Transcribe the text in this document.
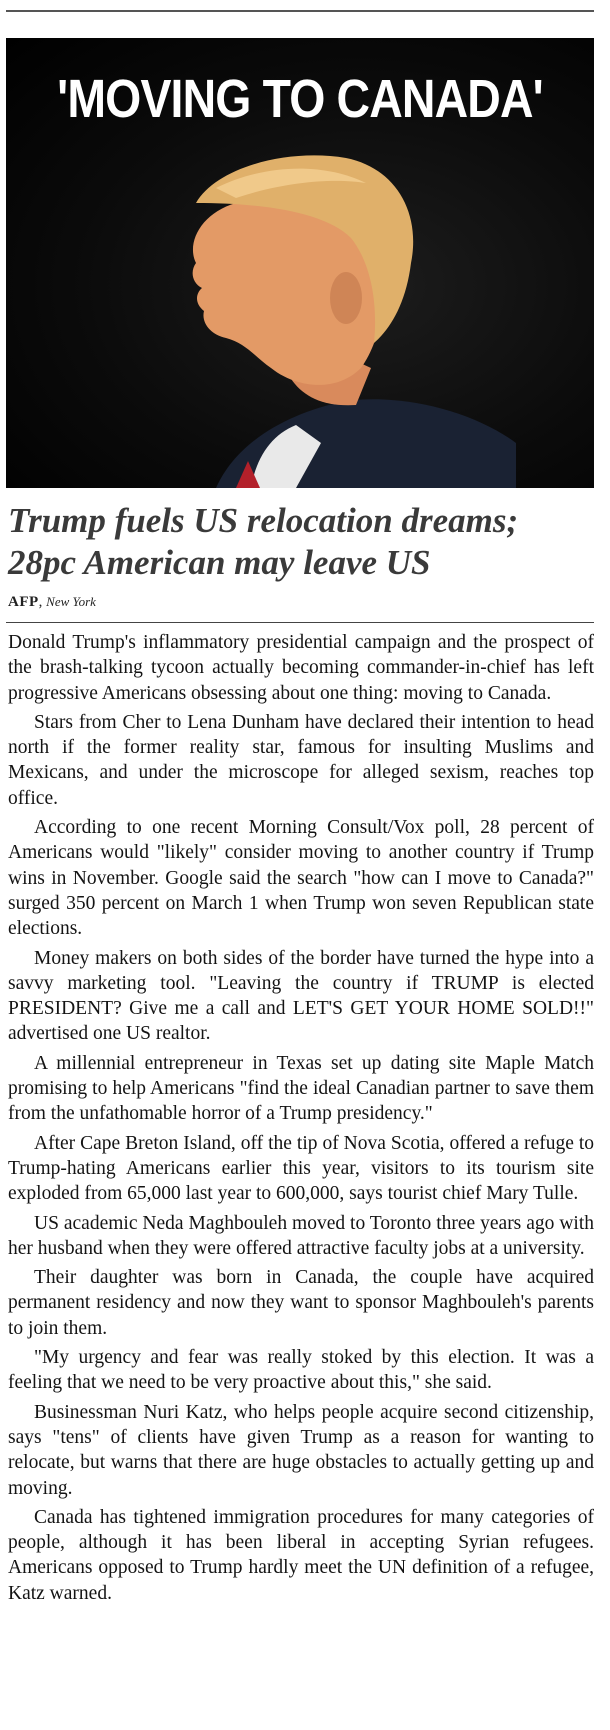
'MOVING TO CANADA'
Trump fuels US relocation dreams; 28pc American may leave US
AFP, New York

Donald Trump's inflammatory presidential campaign and the prospect of the brash-talking tycoon actually becoming commander-in-chief has left progressive Americans obsessing about one thing: moving to Canada.

Stars from Cher to Lena Dunham have declared their intention to head north if the former reality star, famous for insulting Muslims and Mexicans, and under the microscope for alleged sexism, reaches top office.

According to one recent Morning Consult/Vox poll, 28 percent of Americans would "likely" consider moving to another country if Trump wins in November. Google said the search "how can I move to Canada?" surged 350 percent on March 1 when Trump won seven Republican state elections.

Money makers on both sides of the border have turned the hype into a savvy marketing tool. "Leaving the country if TRUMP is elected PRESIDENT? Give me a call and LET'S GET YOUR HOME SOLD!!" advertised one US realtor.

A millennial entrepreneur in Texas set up dating site Maple Match promising to help Americans "find the ideal Canadian partner to save them from the unfathomable horror of a Trump presidency."

After Cape Breton Island, off the tip of Nova Scotia, offered a refuge to Trump-hating Americans earlier this year, visitors to its tourism site exploded from 65,000 last year to 600,000, says tourist chief Mary Tulle.

US academic Neda Maghbouleh moved to Toronto three years ago with her husband when they were offered attractive faculty jobs at a university.

Their daughter was born in Canada, the couple have acquired permanent residency and now they want to sponsor Maghbouleh's parents to join them.

"My urgency and fear was really stoked by this election. It was a feeling that we need to be very proactive about this," she said.

Businessman Nuri Katz, who helps people acquire second citizenship, says "tens" of clients have given Trump as a reason for wanting to relocate, but warns that there are huge obstacles to actually getting up and moving.

Canada has tightened immigration procedures for many categories of people, although it has been liberal in accepting Syrian refugees. Americans opposed to Trump hardly meet the UN definition of a refugee, Katz warned.
